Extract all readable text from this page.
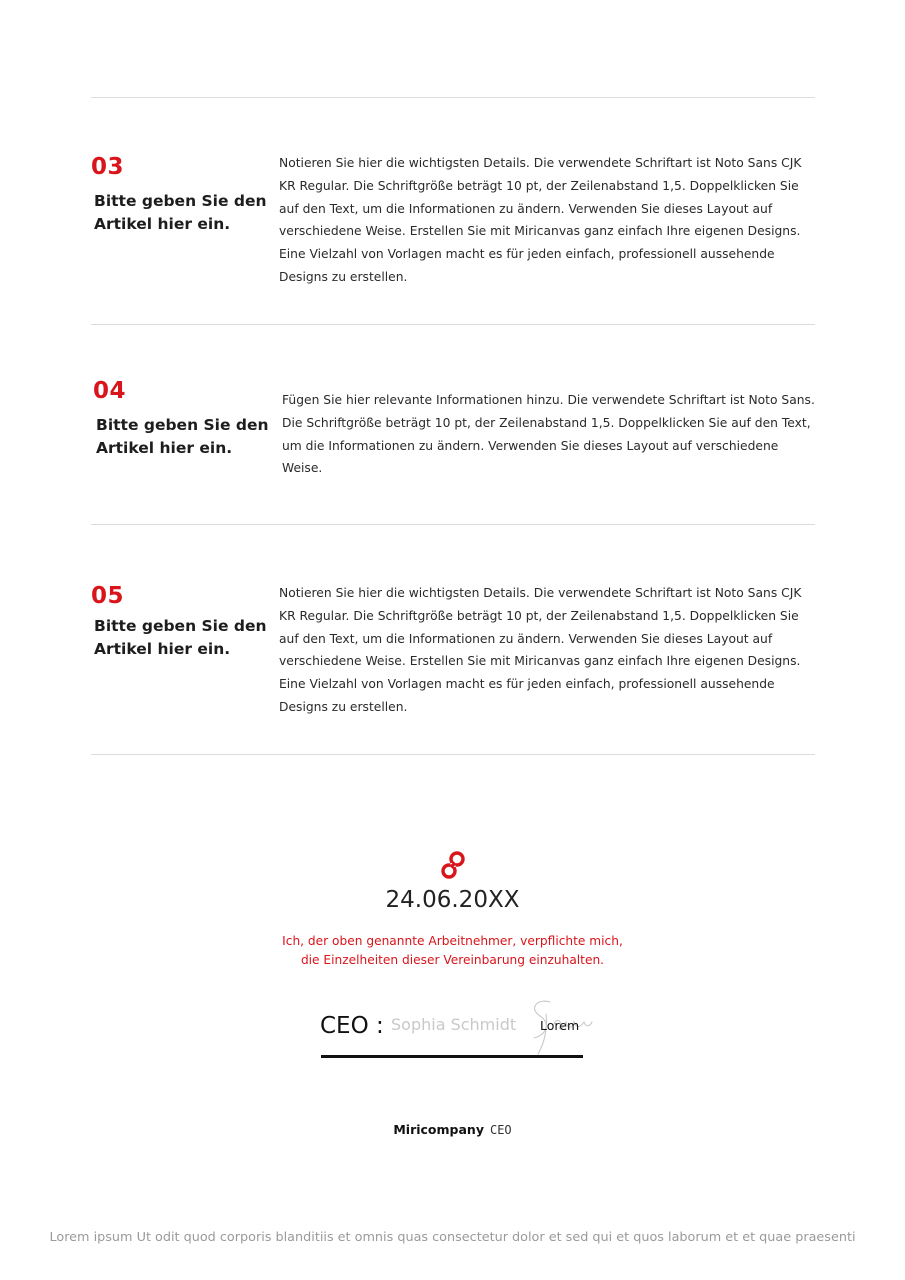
03
Bitte geben Sie den Artikel hier ein.
Notieren Sie hier die wichtigsten Details. Die verwendete Schriftart ist Noto Sans CJK KR Regular. Die Schriftgröße beträgt 10 pt, der Zeilenabstand 1,5. Doppelklicken Sie auf den Text, um die Informationen zu ändern. Verwenden Sie dieses Layout auf verschiedene Weise. Erstellen Sie mit Miricanvas ganz einfach Ihre eigenen Designs. Eine Vielzahl von Vorlagen macht es für jeden einfach, professionell aussehende Designs zu erstellen.
04
Bitte geben Sie den Artikel hier ein.
Fügen Sie hier relevante Informationen hinzu. Die verwendete Schriftart ist Noto Sans. Die Schriftgröße beträgt 10 pt, der Zeilenabstand 1,5. Doppelklicken Sie auf den Text, um die Informationen zu ändern. Verwenden Sie dieses Layout auf verschiedene Weise.
05
Bitte geben Sie den Artikel hier ein.
Notieren Sie hier die wichtigsten Details. Die verwendete Schriftart ist Noto Sans CJK KR Regular. Die Schriftgröße beträgt 10 pt, der Zeilenabstand 1,5. Doppelklicken Sie auf den Text, um die Informationen zu ändern. Verwenden Sie dieses Layout auf verschiedene Weise. Erstellen Sie mit Miricanvas ganz einfach Ihre eigenen Designs. Eine Vielzahl von Vorlagen macht es für jeden einfach, professionell aussehende Designs zu erstellen.
24.06.20XX
Ich, der oben genannte Arbeitnehmer, verpflichte mich,
die Einzelheiten dieser Vereinbarung einzuhalten.
CEO : Sophia Schmidt Lorem
Miricompany CEO
Lorem ipsum Ut odit quod corporis blanditiis et omnis quas consectetur dolor et sed qui et quos laborum et et quae praesenti
